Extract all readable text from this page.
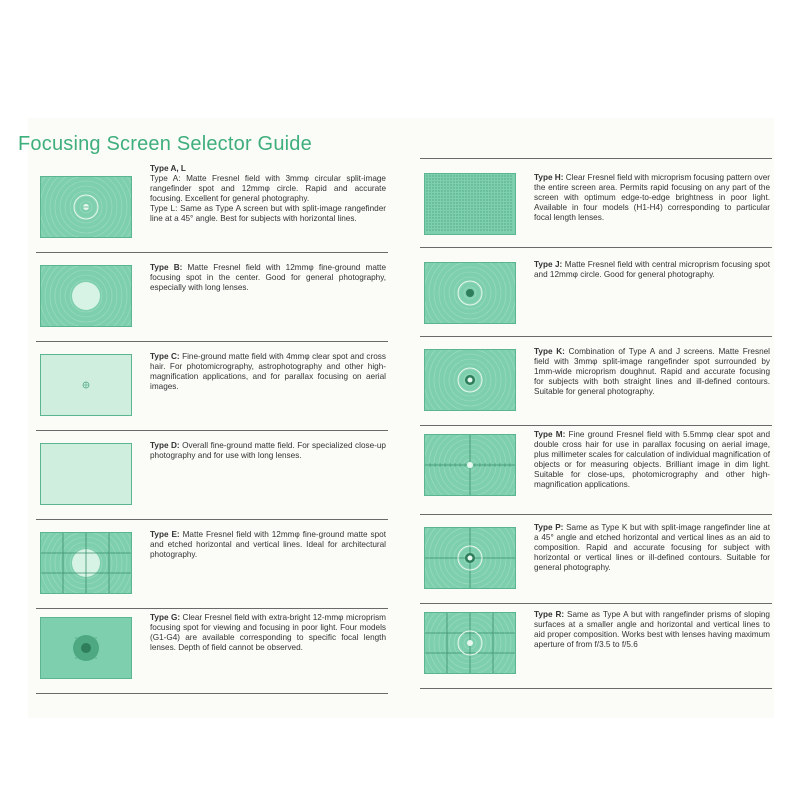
Focusing Screen Selector Guide

Type A, L

Type A: Matte Fresnel field with 3mmφ circular split-image rangefinder spot and 12mmφ circle. Rapid and accurate focusing. Excellent for general photography.

Type L: Same as Type A screen but with split-image rangefinder line at a 45° angle. Best for subjects with horizontal lines.

Type B: Matte Fresnel field with 12mmφ fine-ground matte focusing spot in the center. Good for general photography, especially with long lenses.

Type C: Fine-ground matte field with 4mmφ clear spot and cross hair. For photomicrography, astrophotography and other high-magnification applications, and for parallax focusing on aerial images.

Type D: Overall fine-ground matte field. For specialized close-up photography and for use with long lenses.

Type E: Matte Fresnel field with 12mmφ fine-ground matte spot and etched horizontal and vertical lines. Ideal for architectural photography.

Type G: Clear Fresnel field with extra-bright 12-mmφ microprism focusing spot for viewing and focusing in poor light. Four models (G1-G4) are available corresponding to specific focal length lenses. Depth of field cannot be observed.

Type H: Clear Fresnel field with microprism focusing pattern over the entire screen area. Permits rapid focusing on any part of the screen with optimum edge-to-edge brightness in poor light. Available in four models (H1-H4) corresponding to particular focal length lenses.

Type J: Matte Fresnel field with central microprism focusing spot and 12mmφ circle. Good for general photography.

Type K: Combination of Type A and J screens. Matte Fresnel field with 3mmφ split-image rangefinder spot surrounded by 1mm-wide microprism doughnut. Rapid and accurate focusing for subjects with both straight lines and ill-defined contours. Suitable for general photography.

Type M: Fine ground Fresnel field with 5.5mmφ clear spot and double cross hair for use in parallax focusing on aerial image, plus millimeter scales for calculation of individual magnification of objects or for measuring objects. Brilliant image in dim light. Suitable for close-ups, photomicrography and other high-magnification applications.

Type P: Same as Type K but with split-image rangefinder line at a 45° angle and etched horizontal and vertical lines as an aid to composition. Rapid and accurate focusing for subject with horizontal or vertical lines or ill-defined contours. Suitable for general photography.

Type R: Same as Type A but with rangefinder prisms of sloping surfaces at a smaller angle and horizontal and vertical lines to aid proper composition. Works best with lenses having maximum aperture of from f/3.5 to f/5.6
